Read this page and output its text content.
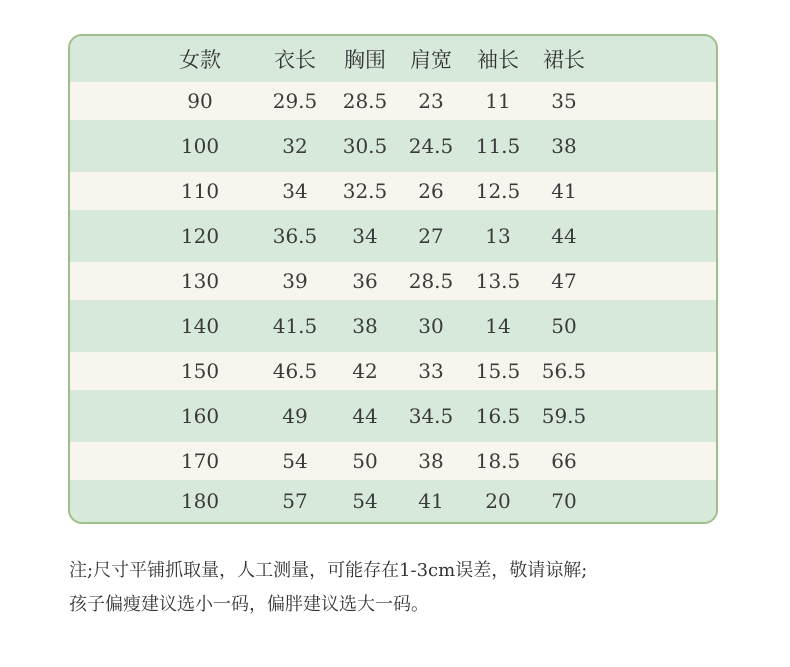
女款	衣长	胸围	肩宽	袖长	裙长
90	29.5	28.5	23	11	35
100	32	30.5	24.5	11.5	38
110	34	32.5	26	12.5	41
120	36.5	34	27	13	44
130	39	36	28.5	13.5	47
140	41.5	38	30	14	50
150	46.5	42	33	15.5	56.5
160	49	44	34.5	16.5	59.5
170	54	50	38	18.5	66
180	57	54	41	20	70
注;尺寸平铺抓取量，人工测量，可能存在1-3cm误差，敬请谅解;
孩子偏瘦建议选小一码，偏胖建议选大一码。
